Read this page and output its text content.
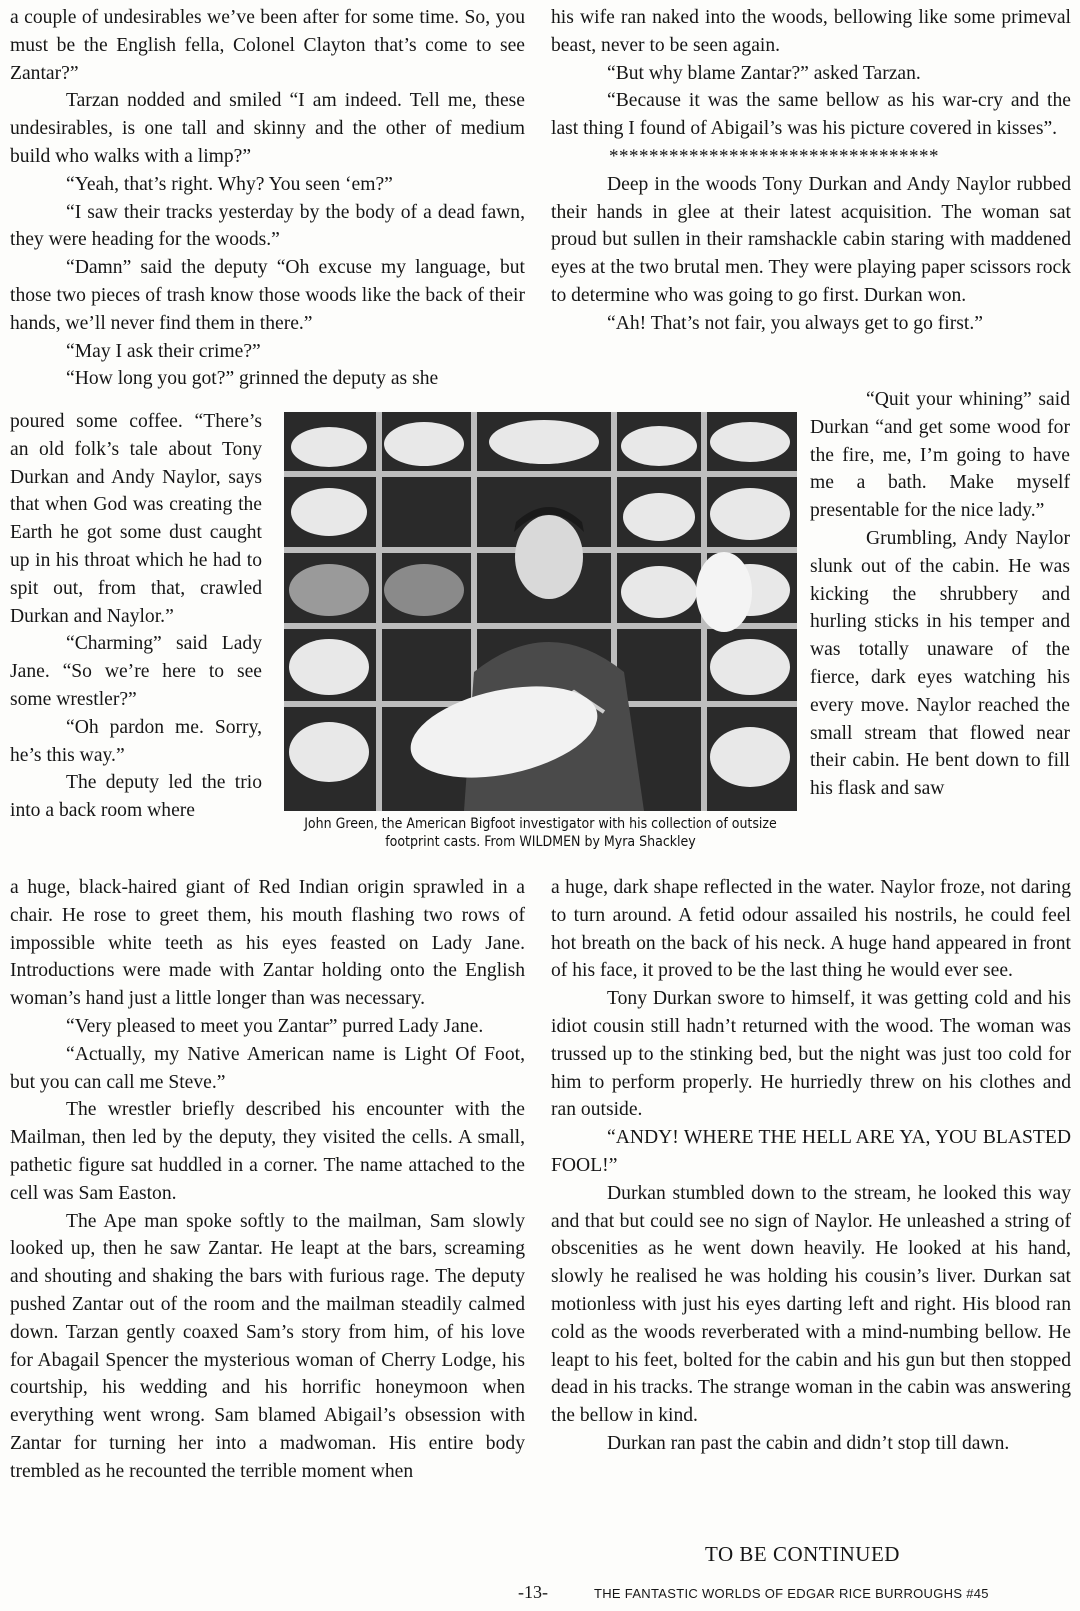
a couple of undesirables we’ve been after for some time. So, you must be the English fella, Colonel Clayton that’s come to see Zantar?”

Tarzan nodded and smiled “I am indeed. Tell me, these undesirables, is one tall and skinny and the other of medium build who walks with a limp?”

“Yeah, that’s right. Why? You seen ‘em?”

“I saw their tracks yesterday by the body of a dead fawn, they were heading for the woods.”

“Damn” said the deputy “Oh excuse my language, but those two pieces of trash know those woods like the back of their hands, we’ll never find them in there.”

“May I ask their crime?”

“How long you got?” grinned the deputy as she

poured some coffee. “There’s an old folk’s tale about Tony Durkan and Andy Naylor, says that when God was creating the Earth he got some dust caught up in his throat which he had to spit out, from that, crawled Durkan and Naylor.”

“Charming” said Lady Jane. “So we’re here to see some wrestler?”

“Oh pardon me. Sorry, he’s this way.”

The deputy led the trio into a back room where

John Green, the American Bigfoot investigator with his collection of outsize footprint casts. From WILDMEN by Myra Shackley

a huge, black-haired giant of Red Indian origin sprawled in a chair. He rose to greet them, his mouth flashing two rows of impossible white teeth as his eyes feasted on Lady Jane. Introductions were made with Zantar holding onto the English woman’s hand just a little longer than was necessary.

“Very pleased to meet you Zantar” purred Lady Jane.

“Actually, my Native American name is Light Of Foot, but you can call me Steve.”

The wrestler briefly described his encounter with the Mailman, then led by the deputy, they visited the cells. A small, pathetic figure sat huddled in a corner. The name attached to the cell was Sam Easton.

The Ape man spoke softly to the mailman, Sam slowly looked up, then he saw Zantar. He leapt at the bars, screaming and shouting and shaking the bars with furious rage. The deputy pushed Zantar out of the room and the mailman steadily calmed down. Tarzan gently coaxed Sam’s story from him, of his love for Abagail Spencer the mysterious woman of Cherry Lodge, his courtship, his wedding and his horrific honeymoon when everything went wrong. Sam blamed Abigail’s obsession with Zantar for turning her into a madwoman. His entire body trembled as he recounted the terrible moment when

his wife ran naked into the woods, bellowing like some primeval beast, never to be seen again.

“But why blame Zantar?” asked Tarzan.

“Because it was the same bellow as his war-cry and the last thing I found of Abigail’s was his picture covered in kisses”.

*********************************

Deep in the woods Tony Durkan and Andy Naylor rubbed their hands in glee at their latest acquisition. The woman sat proud but sullen in their ramshackle cabin staring with maddened eyes at the two brutal men. They were playing paper scissors rock to determine who was going to go first. Durkan won.

“Ah! That’s not fair, you always get to go first.”

“Quit your whining” said Durkan “and get some wood for the fire, me, I’m going to have me a bath. Make myself presentable for the nice lady.”

Grumbling, Andy Naylor slunk out of the cabin. He was kicking the shrubbery and hurling sticks in his temper and was totally unaware of the fierce, dark eyes watching his every move. Naylor reached the small stream that flowed near their cabin. He bent down to fill his flask and saw

a huge, dark shape reflected in the water. Naylor froze, not daring to turn around. A fetid odour assailed his nostrils, he could feel hot breath on the back of his neck. A huge hand appeared in front of his face, it proved to be the last thing he would ever see.

Tony Durkan swore to himself, it was getting cold and his idiot cousin still hadn’t returned with the wood. The woman was trussed up to the stinking bed, but the night was just too cold for him to perform properly. He hurriedly threw on his clothes and ran outside.

“ANDY! WHERE THE HELL ARE YA, YOU BLASTED FOOL!”

Durkan stumbled down to the stream, he looked this way and that but could see no sign of Naylor. He unleashed a string of obscenities as he went down heavily. He looked at his hand, slowly he realised he was holding his cousin’s liver. Durkan sat motionless with just his eyes darting left and right. His blood ran cold as the woods reverberated with a mind-numbing bellow. He leapt to his feet, bolted for the cabin and his gun but then stopped dead in his tracks. The strange woman in the cabin was answering the bellow in kind.

Durkan ran past the cabin and didn’t stop till dawn.

TO BE CONTINUED
-13-	THE FANTASTIC WORLDS OF EDGAR RICE BURROUGHS #45
